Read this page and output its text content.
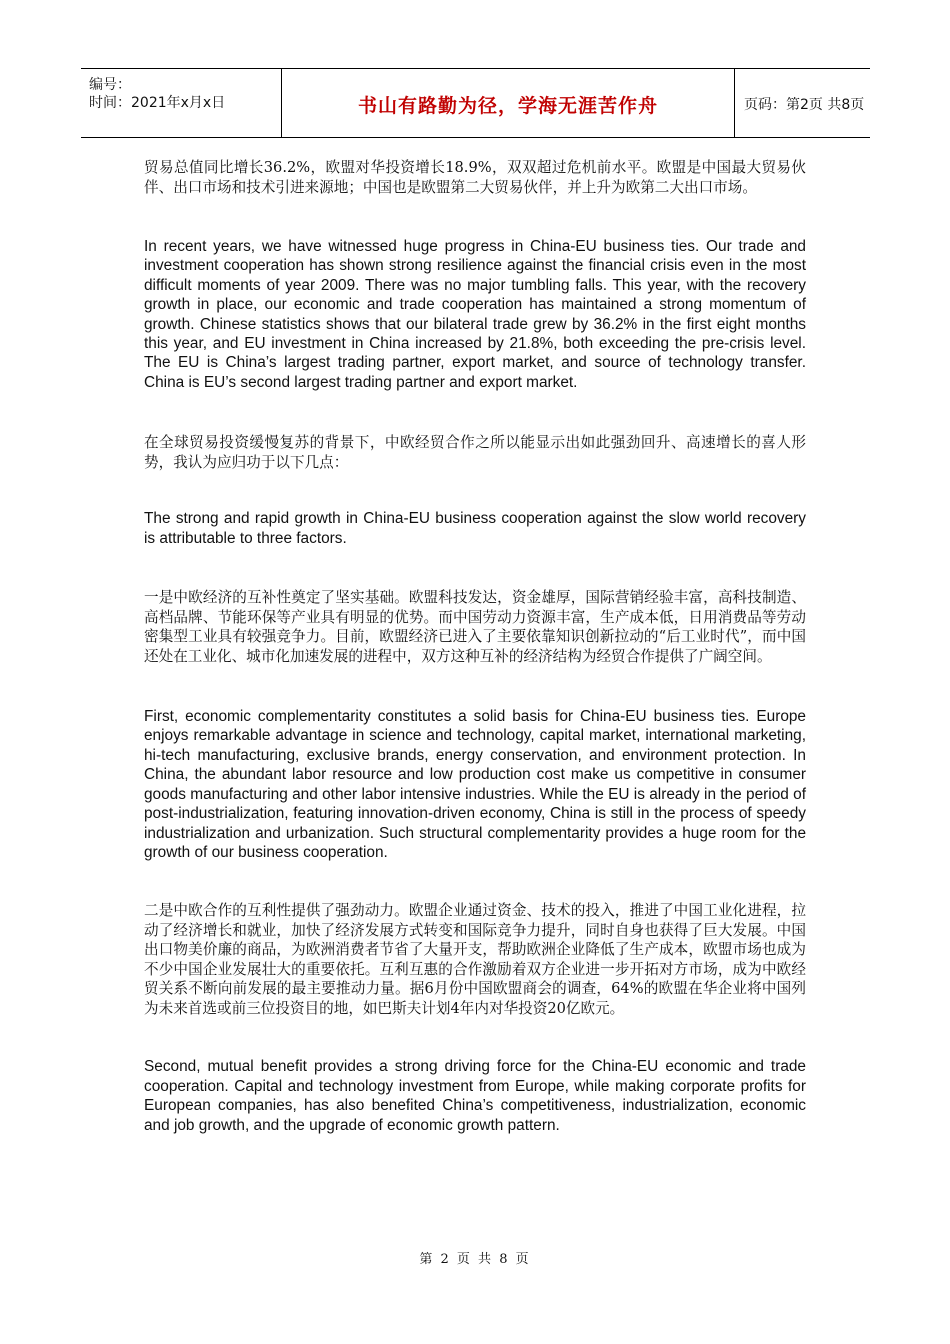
编号：
时间：2021年x月x日	书山有路勤为径，学海无涯苦作舟	页码：第2页 共8页

贸易总值同比增长36.2%，欧盟对华投资增长18.9%，双双超过危机前水平。欧盟是中国最大贸易伙伴、出口市场和技术引进来源地；中国也是欧盟第二大贸易伙伴，并上升为欧第二大出口市场。

In recent years, we have witnessed huge progress in China-EU business ties. Our trade and investment cooperation has shown strong resilience against the financial crisis even in the most difficult moments of year 2009. There was no major tumbling falls. This year, with the recovery growth in place, our economic and trade cooperation has maintained a strong momentum of growth. Chinese statistics shows that our bilateral trade grew by 36.2% in the first eight months this year, and EU investment in China increased by 21.8%, both exceeding the pre-crisis level. The EU is China’s largest trading partner, export market, and source of technology transfer. China is EU’s second largest trading partner and export market.

在全球贸易投资缓慢复苏的背景下，中欧经贸合作之所以能显示出如此强劲回升、高速增长的喜人形势，我认为应归功于以下几点：

The strong and rapid growth in China-EU business cooperation against the slow world recovery is attributable to three factors.

一是中欧经济的互补性奠定了坚实基础。欧盟科技发达，资金雄厚，国际营销经验丰富，高科技制造、高档品牌、节能环保等产业具有明显的优势。而中国劳动力资源丰富，生产成本低，日用消费品等劳动密集型工业具有较强竞争力。目前，欧盟经济已进入了主要依靠知识创新拉动的“后工业时代”，而中国还处在工业化、城市化加速发展的进程中，双方这种互补的经济结构为经贸合作提供了广阔空间。

First, economic complementarity constitutes a solid basis for China-EU business ties. Europe enjoys remarkable advantage in science and technology, capital market, international marketing, hi-tech manufacturing, exclusive brands, energy conservation, and environment protection. In China, the abundant labor resource and low production cost make us competitive in consumer goods manufacturing and other labor intensive industries. While the EU is already in the period of post-industrialization, featuring innovation-driven economy, China is still in the process of speedy industrialization and urbanization. Such structural complementarity provides a huge room for the growth of our business cooperation.

二是中欧合作的互利性提供了强劲动力。欧盟企业通过资金、技术的投入，推进了中国工业化进程，拉动了经济增长和就业，加快了经济发展方式转变和国际竞争力提升，同时自身也获得了巨大发展。中国出口物美价廉的商品，为欧洲消费者节省了大量开支，帮助欧洲企业降低了生产成本，欧盟市场也成为不少中国企业发展壮大的重要依托。互利互惠的合作激励着双方企业进一步开拓对方市场，成为中欧经贸关系不断向前发展的最主要推动力量。据6月份中国欧盟商会的调查，64%的欧盟在华企业将中国列为未来首选或前三位投资目的地，如巴斯夫计划4年内对华投资20亿欧元。

Second, mutual benefit provides a strong driving force for the China-EU economic and trade cooperation. Capital and technology investment from Europe, while making corporate profits for European companies, has also benefited China’s competitiveness, industrialization, economic and job growth, and the upgrade of economic growth pattern.

第 2 页 共 8 页
